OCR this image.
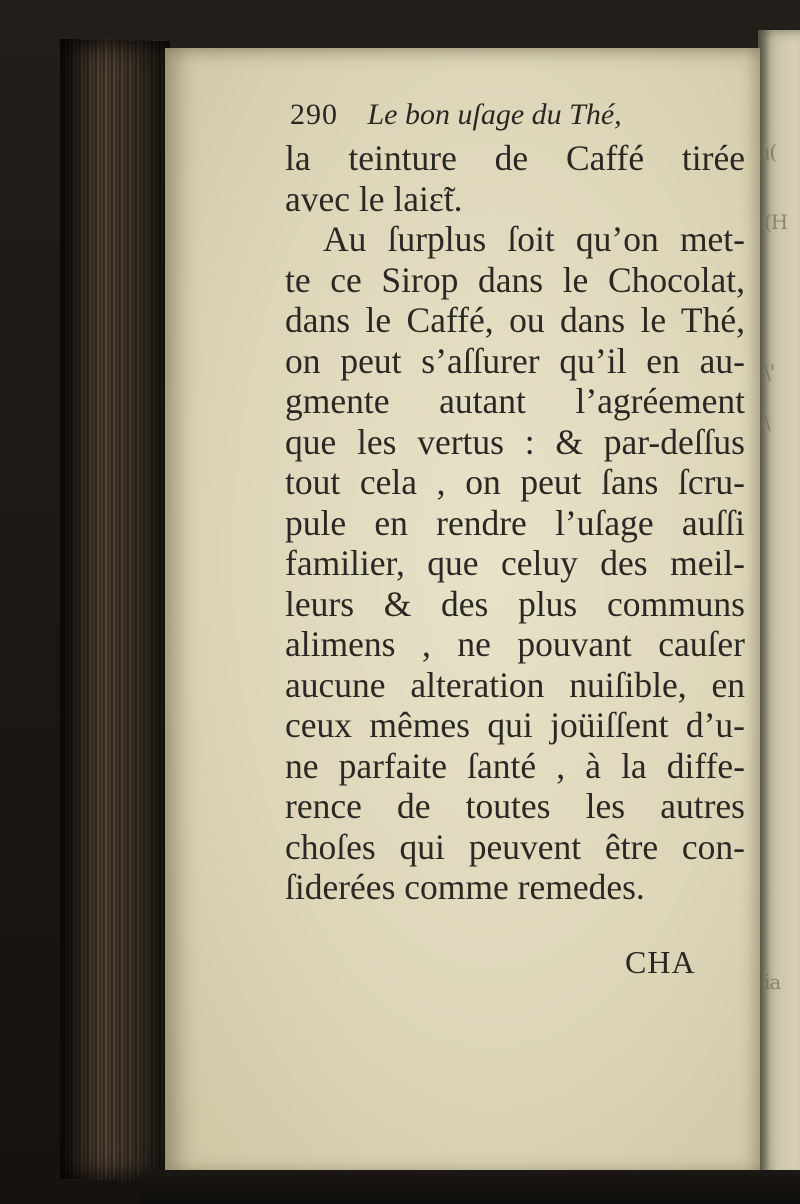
ı(
(H
\'
\
ia
290 Le bon uſage du Thé,
la teinture de Caffé tirée
avec le laiɛ̃t.
Au ſurplus ſoit qu’on met-
te ce Sirop dans le Chocolat,
dans le Caffé, ou dans le Thé,
on peut s’aſſurer qu’il en au-
gmente autant l’agréement
que les vertus : & par-deſſus
tout cela , on peut ſans ſcru-
pule en rendre l’uſage auſſi
familier, que celuy des meil-
leurs & des plus communs
alimens , ne pouvant cauſer
aucune alteration nuiſible, en
ceux mêmes qui joüiſſent d’u-
ne parfaite ſanté , à la diffe-
rence de toutes les autres
choſes qui peuvent être con-
ſiderées comme remedes.
CHA
